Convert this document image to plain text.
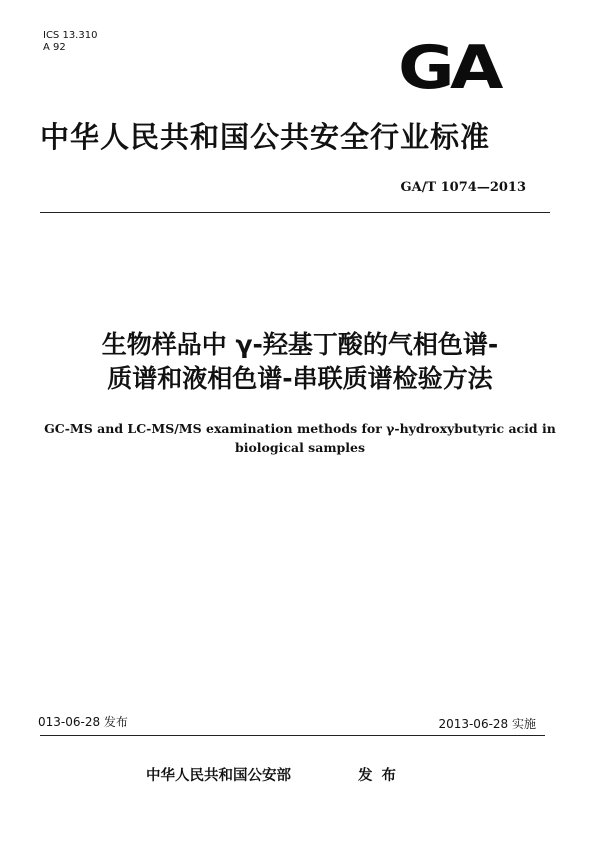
ICS 13.310
A 92	GA
中华人民共和国公共安全行业标准
GA/T 1074—2013
生物样品中 γ-羟基丁酸的气相色谱-
质谱和液相色谱-串联质谱检验方法
GC-MS and LC-MS/MS examination methods for γ-hydroxybutyric acid in biological samples
013-06-28 发布	2013-06-28 实施
中华人民共和国公安部	发布
